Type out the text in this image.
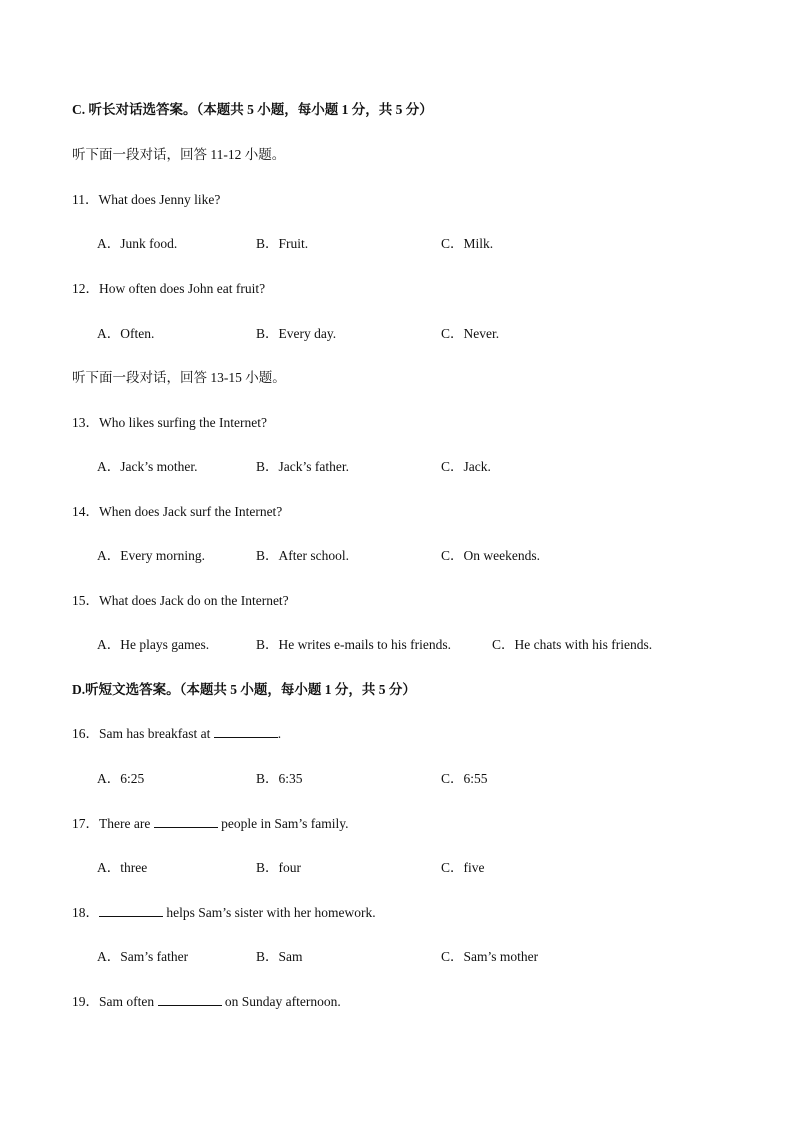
C. 听长对话选答案。（本题共 5 小题，每小题 1 分，共 5 分）
听下面一段对话，回答 11-12 小题。
11．What does Jenny like?
A．Junk food.	B．Fruit.	C．Milk.
12．How often does John eat fruit?
A．Often.	B．Every day.	C．Never.
听下面一段对话，回答 13-15 小题。
13．Who likes surfing the Internet?
A．Jack’s mother.	B．Jack’s father.	C．Jack.
14．When does Jack surf the Internet?
A．Every morning.	B．After school.	C．On weekends.
15．What does Jack do on the Internet?
A．He plays games.	B．He writes e-mails to his friends.	C．He chats with his friends.
D.听短文选答案。（本题共 5 小题，每小题 1 分，共 5 分）
16．Sam has breakfast at	.
A．6:25	B．6:35	C．6:55
17．There are	people in Sam’s family.
A．three	B．four	C．five
18．	helps Sam’s sister with her homework.
A．Sam’s father	B．Sam	C．Sam’s mother
19．Sam often	on Sunday afternoon.
